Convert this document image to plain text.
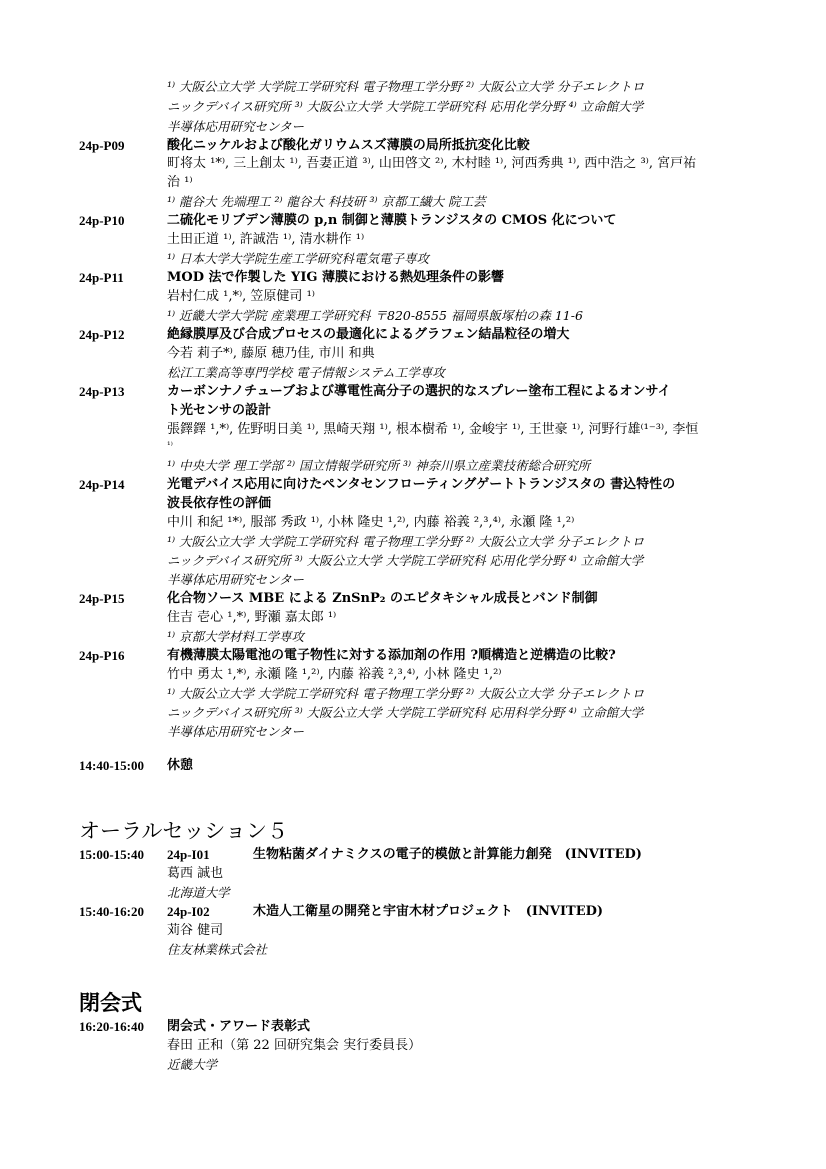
¹⁾ 大阪公立大学 大学院工学研究科 電子物理工学分野 ²⁾ 大阪公立大学 分子エレクトロ
ニックデバイス研究所 ³⁾ 大阪公立大学 大学院工学研究科 応用化学分野 ⁴⁾ 立命館大学
半導体応用研究センター
24p-P09	酸化ニッケルおよび酸化ガリウムスズ薄膜の局所抵抗変化比較
町将太 ¹*⁾, 三上創太 ¹⁾, 吾妻正道 ³⁾, 山田啓文 ²⁾, 木村睦 ¹⁾, 河西秀典 ¹⁾, 西中浩之 ³⁾, 宮戸祐
治 ¹⁾
¹⁾ 龍谷大 先端理工 ²⁾ 龍谷大 科技研 ³⁾ 京都工繊大 院工芸
24p-P10	二硫化モリブデン薄膜の p,n 制御と薄膜トランジスタの CMOS 化について
土田正道 ¹⁾, 許誠浩 ¹⁾, 清水耕作 ¹⁾
¹⁾ 日本大学大学院生産工学研究科電気電子専攻
24p-P11	MOD 法で作製した YIG 薄膜における熱処理条件の影響
岩村仁成 ¹,*⁾, 笠原健司 ¹⁾
¹⁾ 近畿大学大学院 産業理工学研究科 〒820-8555 福岡県飯塚柏の森 11-6
24p-P12	絶縁膜厚及び合成プロセスの最適化によるグラフェン結晶粒径の増大
今若 莉子*⁾, 藤原 穂乃佳, 市川 和典
松江工業高等専門学校 電子情報システム工学専攻
24p-P13	カーボンナノチューブおよび導電性高分子の選択的なスプレー塗布工程によるオンサイ
ト光センサの設計
張鐸鐸 ¹,*⁾, 佐野明日美 ¹⁾, 黒崎天翔 ¹⁾, 根本樹希 ¹⁾, 金峻宇 ¹⁾, 王世豪 ¹⁾, 河野行雄⁽¹⁻³⁾, 李恒
¹⁾
¹⁾ 中央大学 理工学部 ²⁾ 国立情報学研究所 ³⁾ 神奈川県立産業技術総合研究所
24p-P14	光電デバイス応用に向けたペンタセンフローティングゲートトランジスタの 書込特性の
波長依存性の評価
中川 和紀 ¹*⁾, 服部 秀政 ¹⁾, 小林 隆史 ¹,²⁾, 内藤 裕義 ²,³,⁴⁾, 永瀬 隆 ¹,²⁾
¹⁾ 大阪公立大学 大学院工学研究科 電子物理工学分野 ²⁾ 大阪公立大学 分子エレクトロ
ニックデバイス研究所 ³⁾ 大阪公立大学 大学院工学研究科 応用化学分野 ⁴⁾ 立命館大学
半導体応用研究センター
24p-P15	化合物ソース MBE による ZnSnP₂ のエピタキシャル成長とバンド制御
住吉 壱心 ¹,*⁾, 野瀬 嘉太郎 ¹⁾
¹⁾ 京都大学材料工学専攻
24p-P16	有機薄膜太陽電池の電子物性に対する添加剤の作用 ?順構造と逆構造の比較?
竹中 勇太 ¹,*⁾, 永瀬 隆 ¹,²⁾, 内藤 裕義 ²,³,⁴⁾, 小林 隆史 ¹,²⁾
¹⁾ 大阪公立大学 大学院工学研究科 電子物理工学分野 ²⁾ 大阪公立大学 分子エレクトロ
ニックデバイス研究所 ³⁾ 大阪公立大学 大学院工学研究科 応用科学分野 ⁴⁾ 立命館大学
半導体応用研究センター
14:40-15:00 休憩
オーラルセッション５
15:00-15:40 24p-I01	生物粘菌ダイナミクスの電子的模倣と計算能力創発　(INVITED)
葛西 誠也
北海道大学
15:40-16:20 24p-I02	木造人工衛星の開発と宇宙木材プロジェクト　(INVITED)
苅谷 健司
住友林業株式会社
閉会式
16:20-16:40 閉会式・アワード表彰式
春田 正和（第 22 回研究集会 実行委員長）
近畿大学
